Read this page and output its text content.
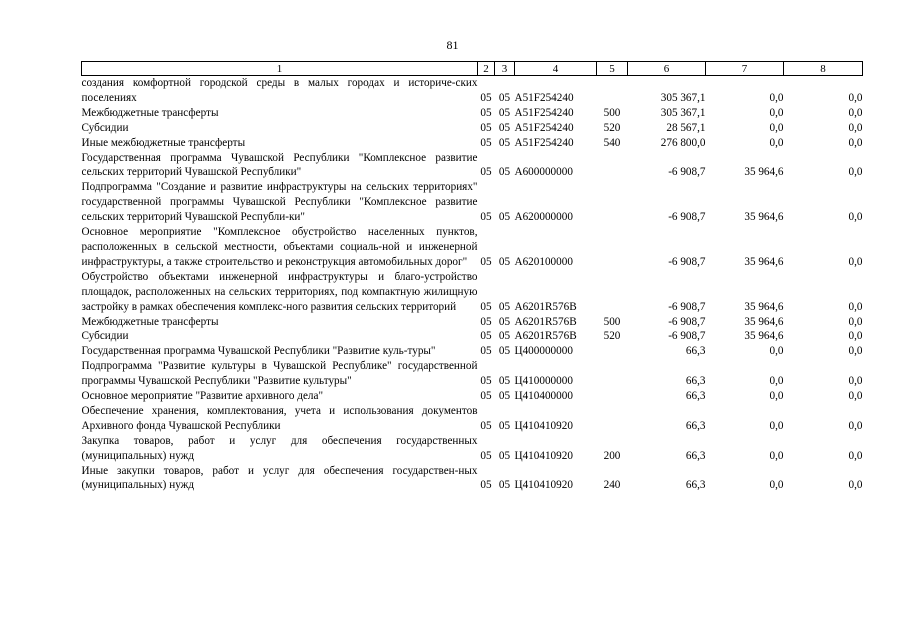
81
1	2	3	4	5	6	7	8
создания комфортной городской среды в малых городах и историче-ских поселениях	05	05	А51F254240		305 367,1	0,0	0,0
Межбюджетные трансферты	05	05	А51F254240	500	305 367,1	0,0	0,0
Субсидии	05	05	А51F254240	520	28 567,1	0,0	0,0
Иные межбюджетные трансферты	05	05	А51F254240	540	276 800,0	0,0	0,0
Государственная программа Чувашской Республики "Комплексное развитие сельских территорий Чувашской Республики"	05	05	А600000000		-6 908,7	35 964,6	0,0
Подпрограмма "Создание и развитие инфраструктуры на сельских территориях" государственной программы Чувашской Республики "Комплексное развитие сельских территорий Чувашской Республи-ки"	05	05	А620000000		-6 908,7	35 964,6	0,0
Основное мероприятие "Комплексное обустройство населенных пунктов, расположенных в сельской местности, объектами социаль-ной и инженерной инфраструктуры, а также строительство и реконструкция автомобильных дорог"	05	05	А620100000		-6 908,7	35 964,6	0,0
Обустройство объектами инженерной инфраструктуры и благо-устройство площадок, расположенных на сельских территориях, под компактную жилищную застройку в рамках обеспечения комплекс-ного развития сельских территорий	05	05	А6201R576B		-6 908,7	35 964,6	0,0
Межбюджетные трансферты	05	05	А6201R576B	500	-6 908,7	35 964,6	0,0
Субсидии	05	05	А6201R576B	520	-6 908,7	35 964,6	0,0
Государственная программа Чувашской Республики "Развитие куль-туры"	05	05	Ц400000000		66,3	0,0	0,0
Подпрограмма "Развитие культуры в Чувашской Республике" государственной программы Чувашской Республики "Развитие культуры"	05	05	Ц410000000		66,3	0,0	0,0
Основное мероприятие "Развитие архивного дела"	05	05	Ц410400000		66,3	0,0	0,0
Обеспечение хранения, комплектования, учета и использования документов Архивного фонда Чувашской Республики	05	05	Ц410410920		66,3	0,0	0,0
Закупка товаров, работ и услуг для обеспечения государственных (муниципальных) нужд	05	05	Ц410410920	200	66,3	0,0	0,0
Иные закупки товаров, работ и услуг для обеспечения государствен-ных (муниципальных) нужд	05	05	Ц410410920	240	66,3	0,0	0,0
